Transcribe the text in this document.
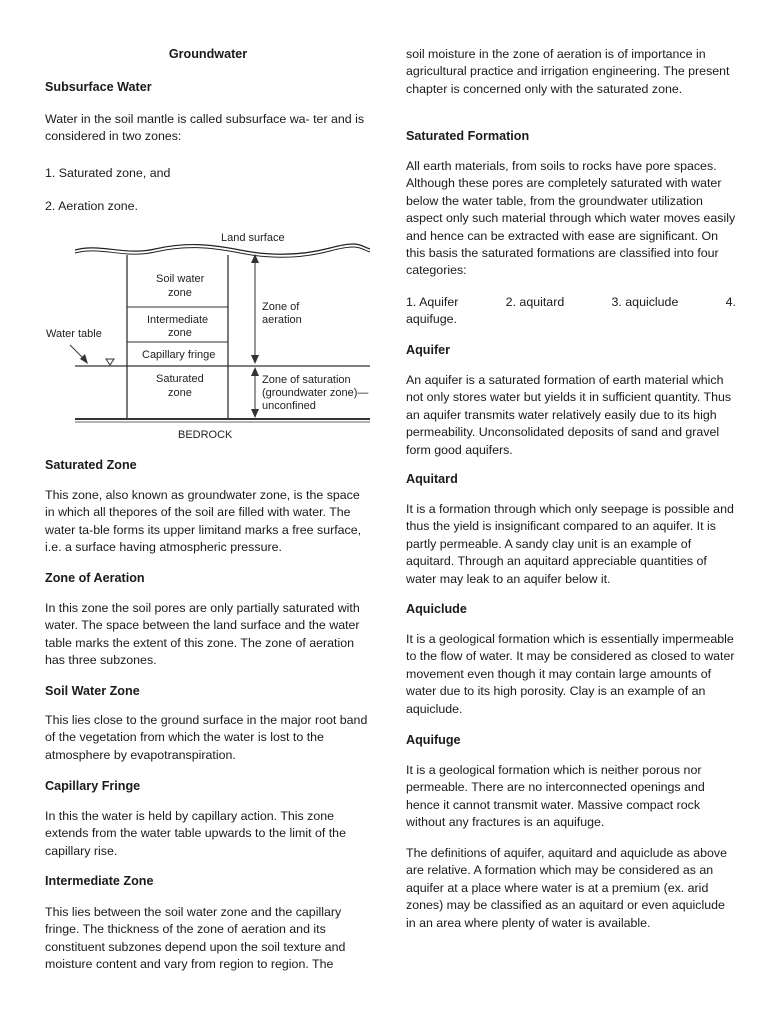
Groundwater

Subsurface Water

Water in the soil mantle is called subsurface wa- ter and is considered in two zones:

1. Saturated zone, and

2. Aeration zone.

Saturated Zone

This zone, also known as groundwater zone, is the space in which all thepores of the soil are filled with water. The water ta-ble forms its upper limitand marks a free surface, i.e. a surface having atmospheric pressure.

Zone of Aeration

In this zone the soil pores are only partially saturated with water. The space between the land surface and the water table marks the extent of this zone. The zone of aeration has three subzones.

Soil Water Zone

This lies close to the ground surface in the major root band of the vegetation from which the water is lost to the atmosphere by evapotranspiration.

Capillary Fringe

In this the water is held by capillary action. This zone extends from the water table upwards to the limit of the capillary rise.

Intermediate Zone

This lies between the soil water zone and the capillary fringe. The thickness of the zone of aeration and its constituent subzones depend upon the soil texture and moisture content and vary from region to region. The

Land surface
Soil water
zone
Intermediate
zone
Capillary fringe
Saturated
zone
Zone of
aeration
Zone of saturation
(groundwater zone)—
unconfined
Water table
BEDROCK

soil moisture in the zone of aeration is of importance in agricultural practice and irrigation engineering. The present chapter is concerned only with the saturated zone.

Saturated Formation

All earth materials, from soils to rocks have pore spaces. Although these pores are completely saturated with water below the water table, from the groundwater utilization aspect only such material through which water moves easily and hence can be extracted with ease are significant. On this basis the saturated formations are classified into four categories:

1. Aquifer	2. aquitard	3. aquiclude	4.

aquifuge.

Aquifer

An aquifer is a saturated formation of earth material which not only stores water but yields it in sufficient quantity. Thus an aquifer transmits water relatively easily due to its high permeability. Unconsolidated deposits of sand and gravel form good aquifers.

Aquitard

It is a formation through which only seepage is possible and thus the yield is insignificant compared to an aquifer. It is partly permeable. A sandy clay unit is an example of aquitard. Through an aquitard appreciable quantities of water may leak to an aquifer below it.

Aquiclude

It is a geological formation which is essentially impermeable to the flow of water. It may be considered as closed to water movement even though it may contain large amounts of water due to its high porosity. Clay is an example of an aquiclude.

Aquifuge

It is a geological formation which is neither porous nor permeable. There are no interconnected openings and hence it cannot transmit water. Massive compact rock without any fractures is an aquifuge.

The definitions of aquifer, aquitard and aquiclude as above are relative. A formation which may be considered as an aquifer at a place where water is at a premium (ex. arid zones) may be classified as an aquitard or even aquiclude in an area where plenty of water is available.
